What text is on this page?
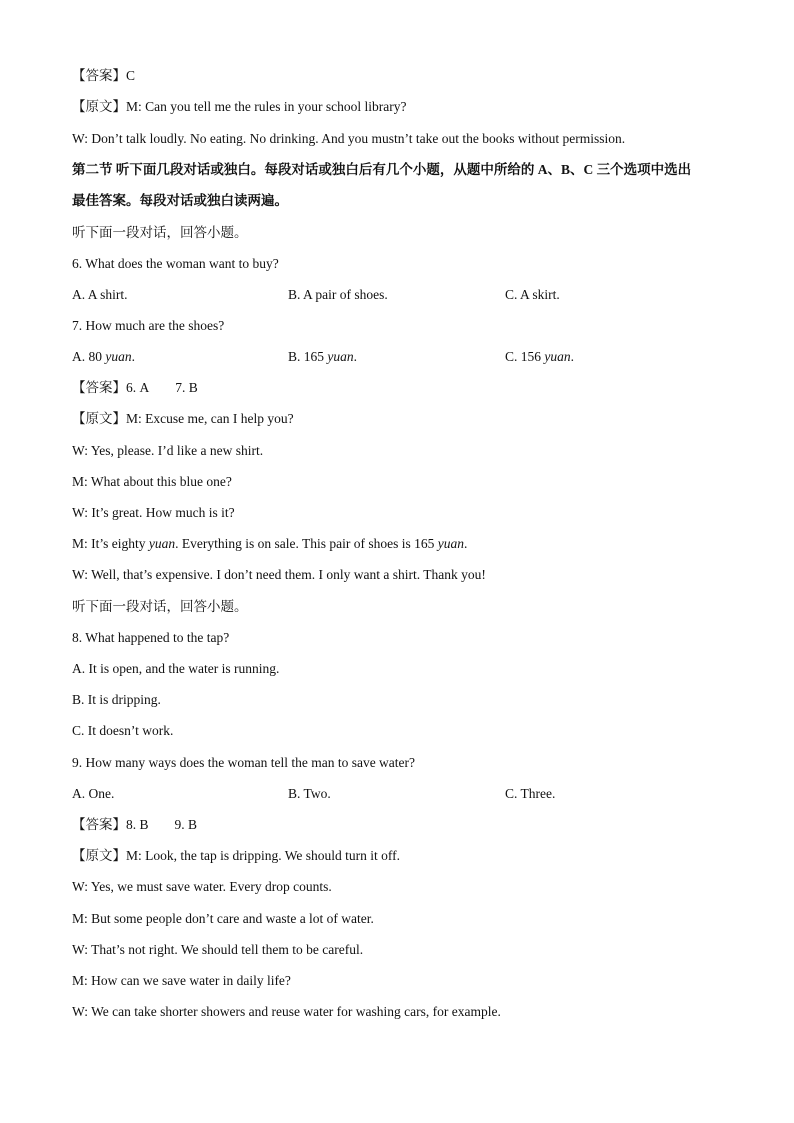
【答案】C
【原文】M: Can you tell me the rules in your school library?
W: Don’t talk loudly. No eating. No drinking. And you mustn’t take out the books without permission.
第二节 听下面几段对话或独白。每段对话或独白后有几个小题，从题中所给的 A、B、C 三个选项中选出
最佳答案。每段对话或独白读两遍。
听下面一段对话，回答小题。
6. What does the woman want to buy?
A. A shirt.	B. A pair of shoes.	C. A skirt.
7. How much are the shoes?
A. 80 yuan.	B. 165 yuan.	C. 156 yuan.
【答案】6. A 7. B
【原文】M: Excuse me, can I help you?
W: Yes, please. I’d like a new shirt.
M: What about this blue one?
W: It’s great. How much is it?
M: It’s eighty yuan. Everything is on sale. This pair of shoes is 165 yuan.
W: Well, that’s expensive. I don’t need them. I only want a shirt. Thank you!
听下面一段对话，回答小题。
8. What happened to the tap?
A. It is open, and the water is running.
B. It is dripping.
C. It doesn’t work.
9. How many ways does the woman tell the man to save water?
A. One.	B. Two.	C. Three.
【答案】8. B 9. B
【原文】M: Look, the tap is dripping. We should turn it off.
W: Yes, we must save water. Every drop counts.
M: But some people don’t care and waste a lot of water.
W: That’s not right. We should tell them to be careful.
M: How can we save water in daily life?
W: We can take shorter showers and reuse water for washing cars, for example.
